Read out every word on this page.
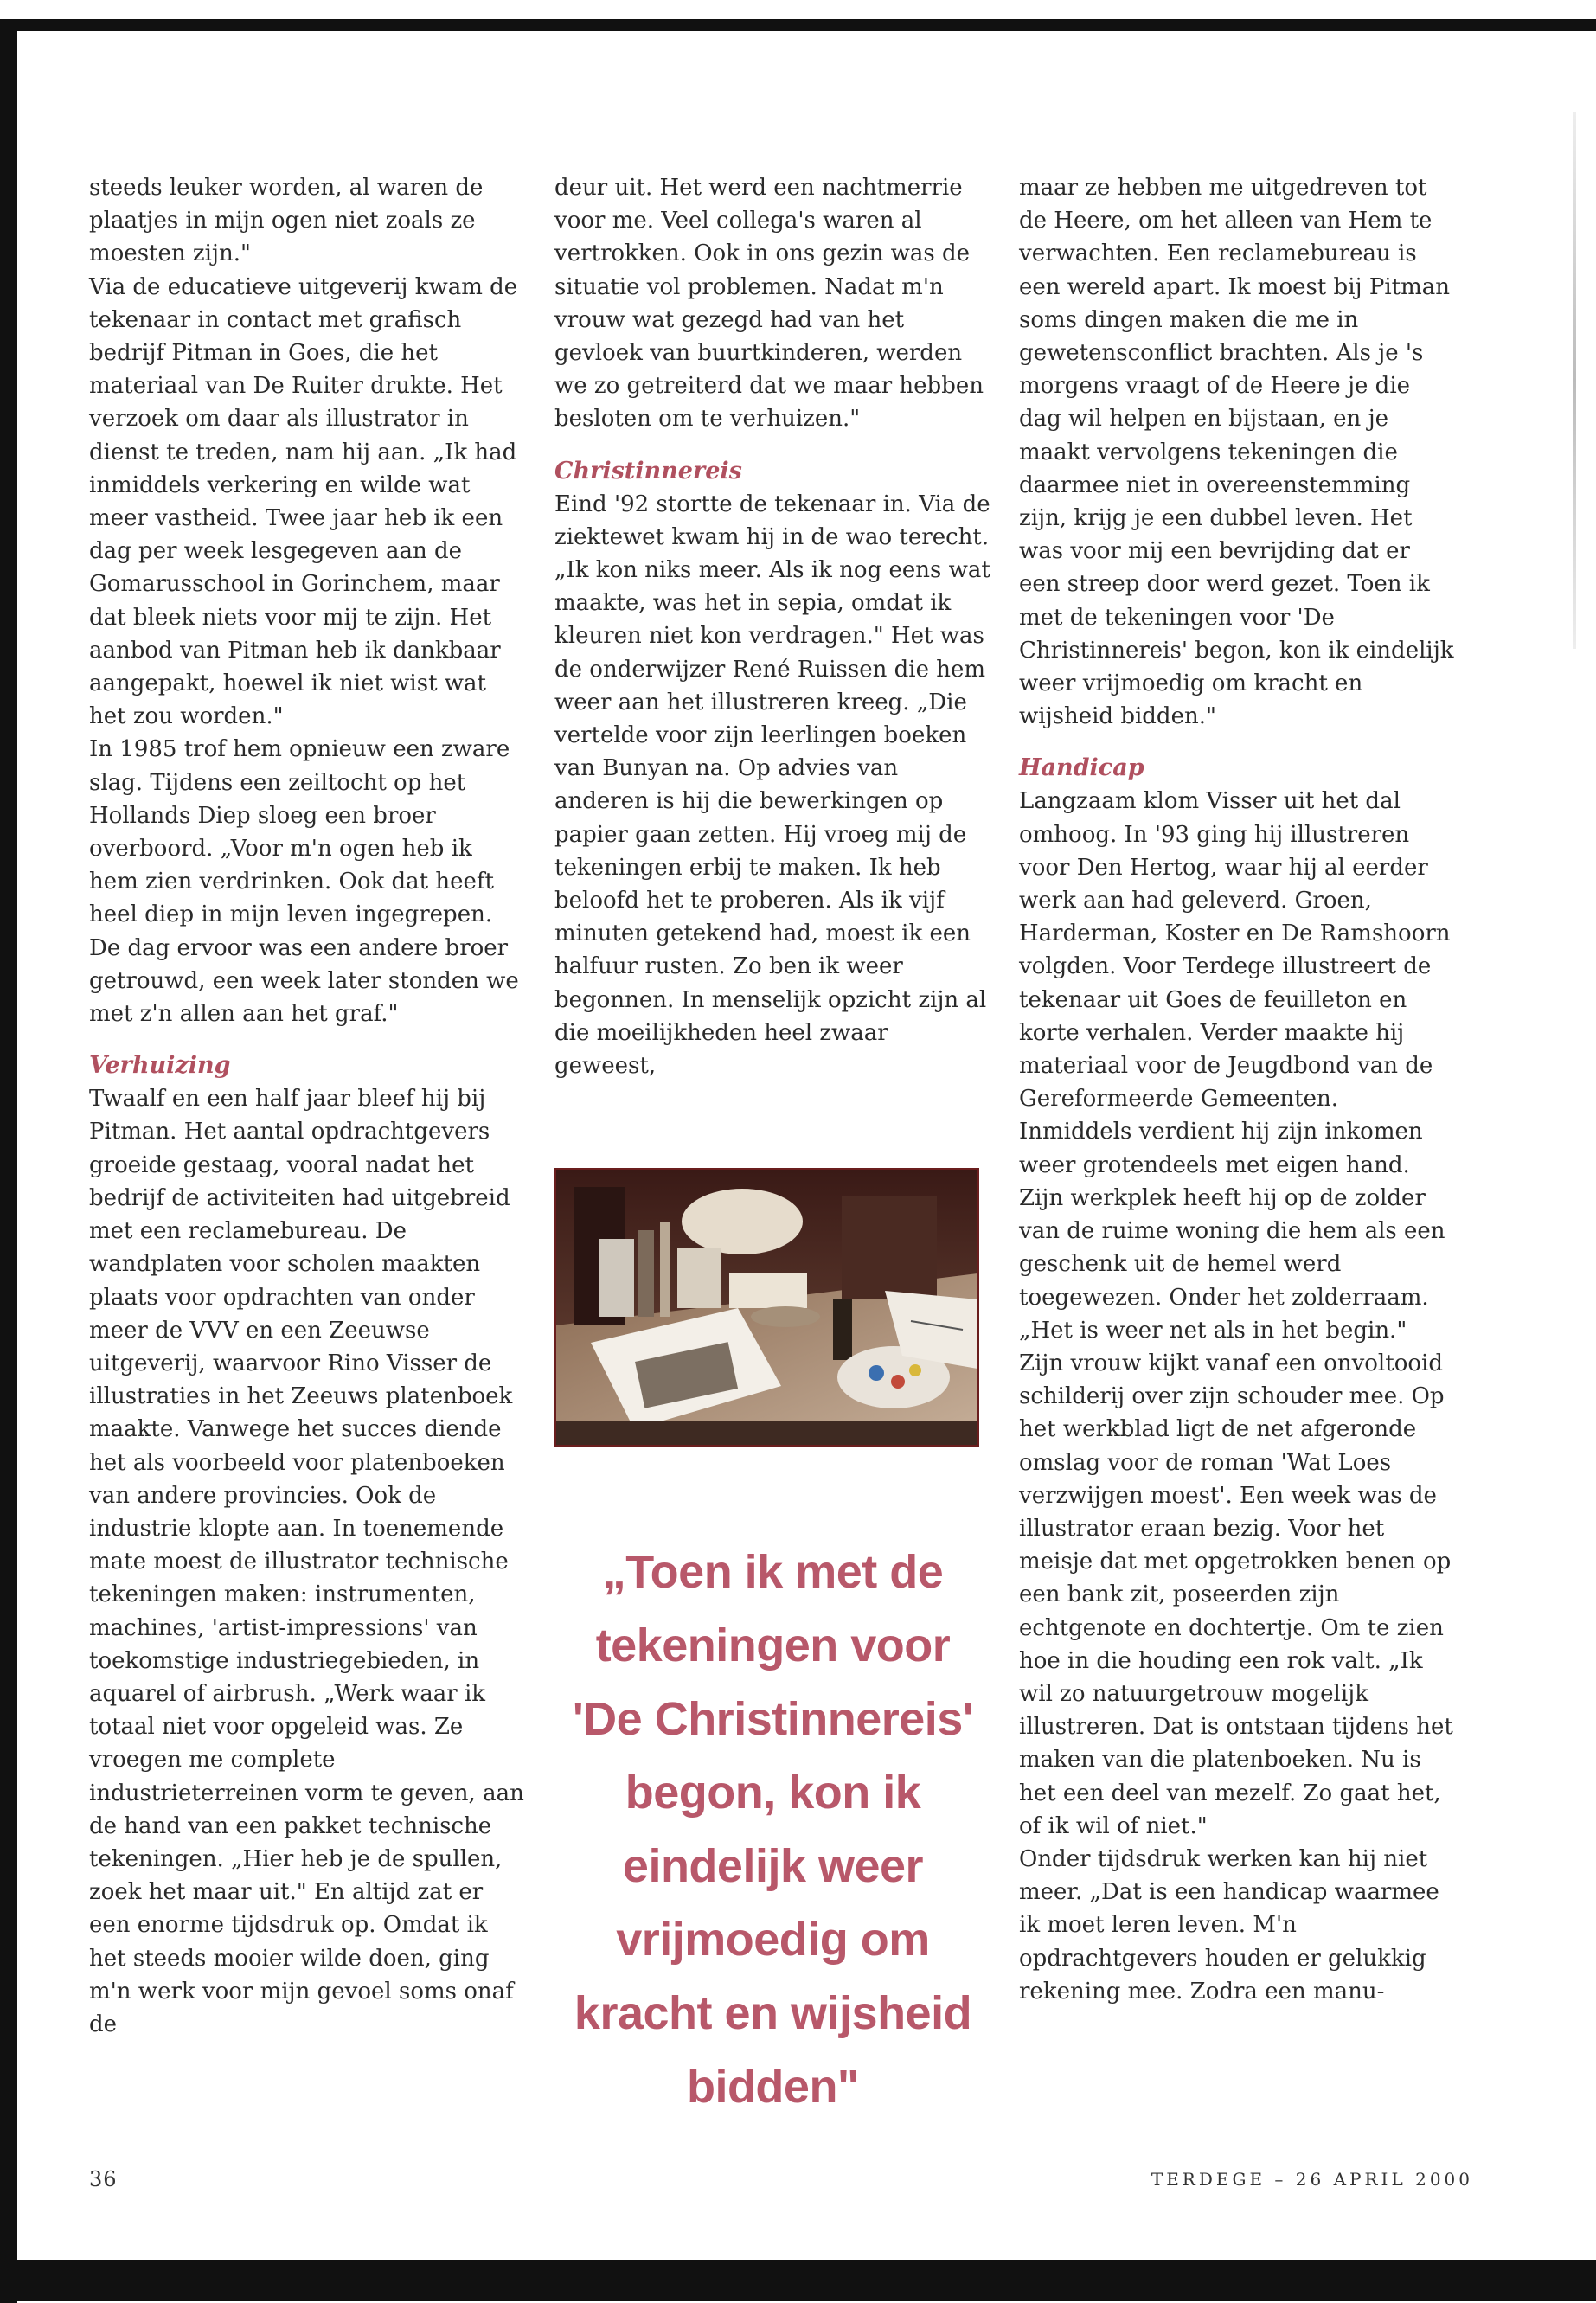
steeds leuker worden, al waren de plaatjes in mijn ogen niet zoals ze moesten zijn."

Via de educatieve uitgeverij kwam de tekenaar in contact met grafisch bedrijf Pitman in Goes, die het materiaal van De Ruiter drukte. Het verzoek om daar als illustrator in dienst te treden, nam hij aan. „Ik had inmiddels verkering en wilde wat meer vastheid. Twee jaar heb ik een dag per week lesgegeven aan de Gomarusschool in Gorinchem, maar dat bleek niets voor mij te zijn. Het aanbod van Pitman heb ik dankbaar aangepakt, hoewel ik niet wist wat het zou worden."

In 1985 trof hem opnieuw een zware slag. Tijdens een zeiltocht op het Hollands Diep sloeg een broer overboord. „Voor m'n ogen heb ik hem zien verdrinken. Ook dat heeft heel diep in mijn leven ingegrepen. De dag ervoor was een andere broer getrouwd, een week later stonden we met z'n allen aan het graf."

Verhuizing

Twaalf en een half jaar bleef hij bij Pitman. Het aantal opdrachtgevers groeide gestaag, vooral nadat het bedrijf de activiteiten had uitgebreid met een reclamebureau. De wandplaten voor scholen maakten plaats voor opdrachten van onder meer de VVV en een Zeeuwse uitgeverij, waarvoor Rino Visser de illustraties in het Zeeuws platenboek maakte. Vanwege het succes diende het als voorbeeld voor platenboeken van andere provincies. Ook de industrie klopte aan. In toenemende mate moest de illustrator technische tekeningen maken: instrumenten, machines, 'artist-impressions' van toekomstige industriegebieden, in aquarel of airbrush. „Werk waar ik totaal niet voor opgeleid was. Ze vroegen me complete industrieterreinen vorm te geven, aan de hand van een pakket technische tekeningen. „Hier heb je de spullen, zoek het maar uit." En altijd zat er een enorme tijdsdruk op. Omdat ik het steeds mooier wilde doen, ging m'n werk voor mijn gevoel soms onaf de

deur uit. Het werd een nachtmerrie voor me. Veel collega's waren al vertrokken. Ook in ons gezin was de situatie vol problemen. Nadat m'n vrouw wat gezegd had van het gevloek van buurtkinderen, werden we zo getreiterd dat we maar hebben besloten om te verhuizen."

Christinnereis

Eind '92 stortte de tekenaar in. Via de ziektewet kwam hij in de wao terecht. „Ik kon niks meer. Als ik nog eens wat maakte, was het in sepia, omdat ik kleuren niet kon verdragen." Het was de onderwijzer René Ruissen die hem weer aan het illustreren kreeg. „Die vertelde voor zijn leerlingen boeken van Bunyan na. Op advies van anderen is hij die bewerkingen op papier gaan zetten. Hij vroeg mij de tekeningen erbij te maken. Ik heb beloofd het te proberen. Als ik vijf minuten getekend had, moest ik een halfuur rusten. Zo ben ik weer begonnen. In menselijk opzicht zijn al die moeilijkheden heel zwaar geweest,

maar ze hebben me uitgedreven tot de Heere, om het alleen van Hem te verwachten. Een reclamebureau is een wereld apart. Ik moest bij Pitman soms dingen maken die me in gewetensconflict brachten. Als je 's morgens vraagt of de Heere je die dag wil helpen en bijstaan, en je maakt vervolgens tekeningen die daarmee niet in overeenstemming zijn, krijg je een dubbel leven. Het was voor mij een bevrijding dat er een streep door werd gezet. Toen ik met de tekeningen voor 'De Christinnereis' begon, kon ik eindelijk weer vrijmoedig om kracht en wijsheid bidden."

Handicap

Langzaam klom Visser uit het dal omhoog. In '93 ging hij illustreren voor Den Hertog, waar hij al eerder werk aan had geleverd. Groen, Harderman, Koster en De Ramshoorn volgden. Voor Terdege illustreert de tekenaar uit Goes de feuilleton en korte verhalen. Verder maakte hij materiaal voor de Jeugdbond van de Gereformeerde Gemeenten. Inmiddels verdient hij zijn inkomen weer grotendeels met eigen hand.

Zijn werkplek heeft hij op de zolder van de ruime woning die hem als een geschenk uit de hemel werd toegewezen. Onder het zolderraam. „Het is weer net als in het begin." Zijn vrouw kijkt vanaf een onvoltooid schilderij over zijn schouder mee. Op het werkblad ligt de net afgeronde omslag voor de roman 'Wat Loes verzwijgen moest'. Een week was de illustrator eraan bezig. Voor het meisje dat met opgetrokken benen op een bank zit, poseerden zijn echtgenote en dochtertje. Om te zien hoe in die houding een rok valt. „Ik wil zo natuurgetrouw mogelijk illustreren. Dat is ontstaan tijdens het maken van die platenboeken. Nu is het een deel van mezelf. Zo gaat het, of ik wil of niet."

Onder tijdsdruk werken kan hij niet meer. „Dat is een handicap waarmee ik moet leren leven. M'n opdrachtgevers houden er gelukkig rekening mee. Zodra een manu-

„Toen ik met de
tekeningen voor
'De Christinnereis'
begon, kon ik
eindelijk weer
vrijmoedig om
kracht en wijsheid
bidden"
36	TERDEGE – 26 APRIL 2000
